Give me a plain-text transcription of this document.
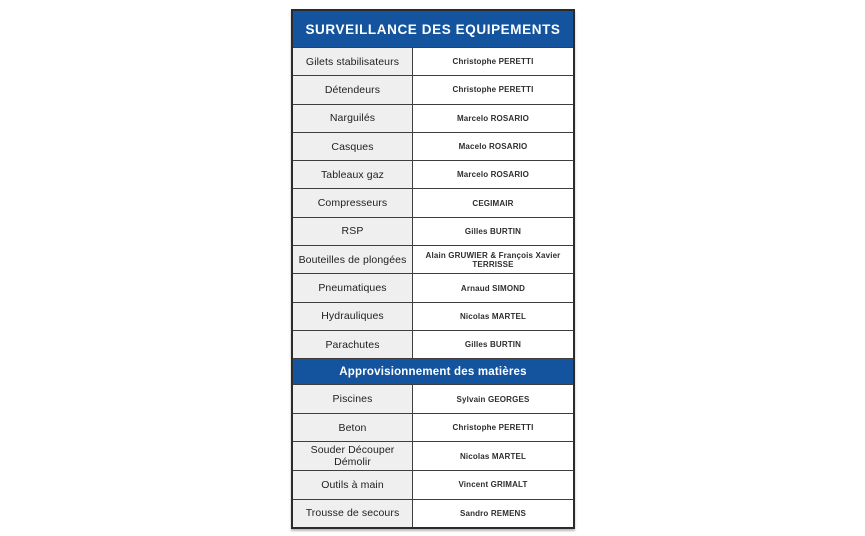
SURVEILLANCE DES EQUIPEMENTS
Gilets stabilisateurs	Christophe PERETTI
Détendeurs	Christophe PERETTI
Narguilés	Marcelo ROSARIO
Casques	Macelo ROSARIO
Tableaux gaz	Marcelo ROSARIO
Compresseurs	CEGIMAIR
RSP	Gilles BURTIN
Bouteilles de plongées	Alain GRUWIER & François Xavier TERRISSE
Pneumatiques	Arnaud SIMOND
Hydrauliques	Nicolas MARTEL
Parachutes	Gilles BURTIN
Approvisionnement des matières
Piscines	Sylvain GEORGES
Beton	Christophe PERETTI
Souder Découper Démolir	Nicolas MARTEL
Outils à main	Vincent GRIMALT
Trousse de secours	Sandro REMENS
